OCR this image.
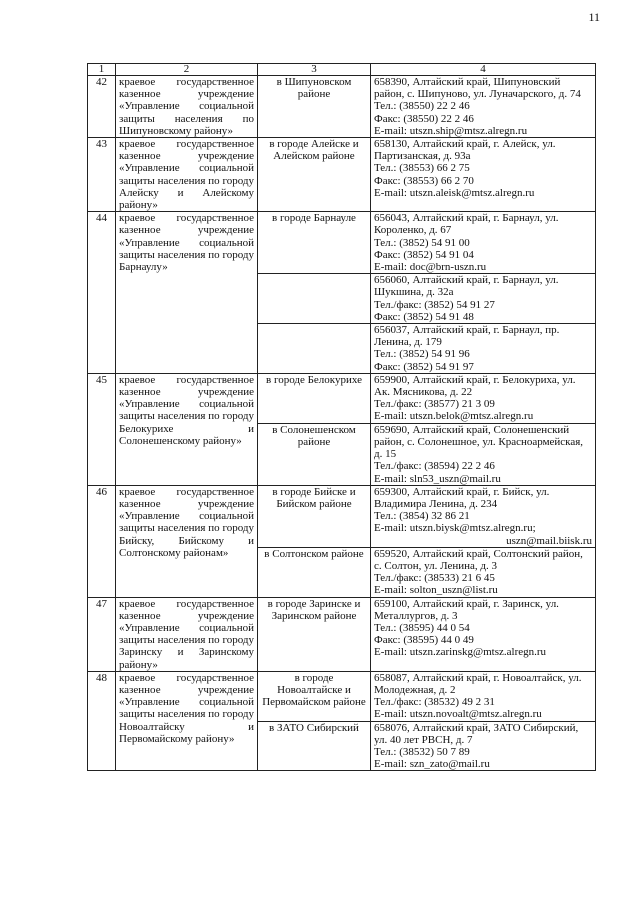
11
1	2	3	4
42	краевое государственное казенное учреждение «Управление социальной защиты населения по Шипуновскому району»	в Шипуновском районе	658390, Алтайский край, Шипуновский район, с. Шипуново, ул. Луначарского, д. 74
Тел.: (38550) 22 2 46
Факс: (38550) 22 2 46
E-mail: utszn.ship@mtsz.alregn.ru

43	краевое государственное казенное учреждение «Управление социальной защиты населения по городу Алейску и Алейскому району»	в городе Алейске и Алейском районе	658130, Алтайский край, г. Алейск, ул. Партизанская, д. 93а
Тел.: (38553) 66 2 75
Факс: (38553) 66 2 70
E-mail: utszn.aleisk@mtsz.alregn.ru

44	краевое государственное казенное учреждение «Управление социальной защиты населения по городу Барнаулу»	в городе Барнауле	656043, Алтайский край, г. Барнаул, ул. Короленко, д. 67
Тел.: (3852) 54 91 00
Факс: (3852) 54 91 04
E-mail: doc@brn-uszn.ru

			656060, Алтайский край, г. Барнаул, ул. Шукшина, д. 32а
Тел./факс: (3852) 54 91 27
Факс: (3852) 54 91 48

			656037, Алтайский край, г. Барнаул, пр. Ленина, д. 179
Тел.: (3852) 54 91 96
Факс: (3852) 54 91 97

45	краевое государственное казенное учреждение «Управление социальной защиты населения по городу Белокурихе и Солонешенскому району»	в городе Белокурихе	659900, Алтайский край, г. Белокуриха, ул. Ак. Мясникова, д. 22
Тел./факс: (38577) 21 3 09
E-mail: utszn.belok@mtsz.alregn.ru

		в Солонешенском районе	659690, Алтайский край, Солонешенский район, с. Солонешное, ул. Красноармейская, д. 15
Тел./факс: (38594) 22 2 46
E-mail: sln53_uszn@mail.ru

46	краевое государственное казенное учреждение «Управление социальной защиты населения по городу Бийску, Бийскому и Солтонскому районам»	в городе Бийске и Бийском районе	659300, Алтайский край, г. Бийск, ул. Владимира Ленина, д. 234
Тел.: (3854) 32 86 21
E-mail: utszn.biysk@mtsz.alregn.ru;
uszn@mail.biisk.ru

		в Солтонском районе	659520, Алтайский край, Солтонский район, с. Солтон, ул. Ленина, д. 3
Тел./факс: (38533) 21 6 45
E-mail: solton_uszn@list.ru

47	краевое государственное казенное учреждение «Управление социальной защиты населения по городу Заринску и Заринскому району»	в городе Заринске и Заринском районе	659100, Алтайский край, г. Заринск, ул. Металлургов, д. 3
Тел.: (38595) 44 0 54
Факс: (38595) 44 0 49
E-mail: utszn.zarinskg@mtsz.alregn.ru

48	краевое государственное казенное учреждение «Управление социальной защиты населения по городу Новоалтайску и Первомайскому району»	в городе Новоалтайске и Первомайском районе	658087, Алтайский край, г. Новоалтайск, ул. Молодежная, д. 2
Тел./факс: (38532) 49 2 31
E-mail: utszn.novoalt@mtsz.alregn.ru

		в ЗАТО Сибирский	658076, Алтайский край, ЗАТО Сибирский, ул. 40 лет РВСН, д. 7
Тел.: (38532) 50 7 89
E-mail: szn_zato@mail.ru
